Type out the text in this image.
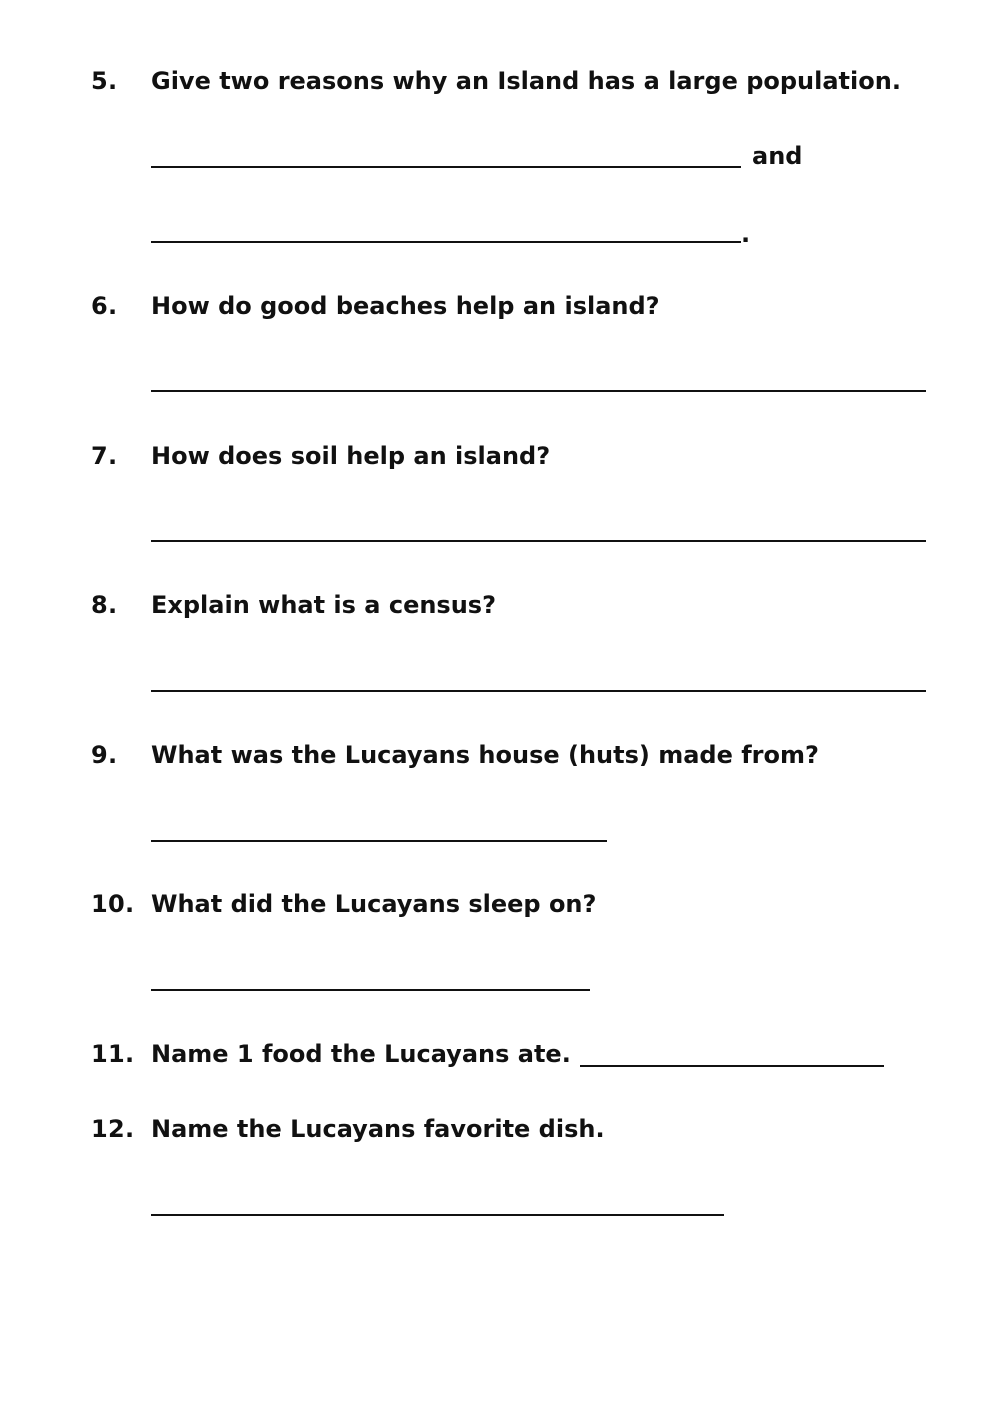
5. Give two reasons why an Island has a large population.
and
.
6. How do good beaches help an island?
7. How does soil help an island?
8. Explain what is a census?
9. What was the Lucayans house (huts) made from?
10. What did the Lucayans sleep on?
11. Name 1 food the Lucayans ate.
12. Name the Lucayans favorite dish.
